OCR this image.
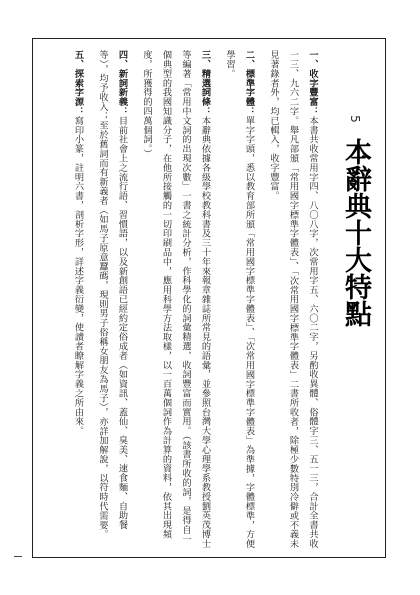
5
本辭典十大特點

一、收字豐富：本書共收常用字四、八〇八字，次常用字五、六〇二字，另酌收異體、俗體字三、五一三，合計全書共收一三、九六二字。舉凡部頒「常用國字標準字體表」、「次常用國字標準字體表」二書所收者，除極少數特別冷僻或不義未見著錄者外，均已輯入，收字豐富。

二、標準字體：單字字頭，悉以教育部所頒「常用國字標準字體表」、「次常用國字標準字體表」為準據，字體標準，方便學習。

三、精選詞條：本辭典依據各級學校教科書及三十年來報章雜誌所常見的語彙，並參照台灣大學心理學系教授劉英茂博士等編著「常用中文詞的出現次數」一書之統計分析，作科學化的詞彙精選，收詞豐富而實用。（該書所收的詞，是得自一個典型的我國知識分子，在他所接觸的一切印刷品中，應用科學方法取樣，以一百萬個詞作為計算的資料，依其出現頻度，所獲得的四萬個詞。）

四、新詞新義：目前社會上之流行語、習慣語，以及新創語已經約定俗成者（如資訊、蓋仙、臭美、速食麵、自助餐等），均予收入；至於舊詞而有新義者（如馬子原意蠶碼，現則男子俗稱女朋友為馬子），亦詳加解說，以符時代需要。

五、探索字源：寫印小篆，註明六書，剖析字形，詳述字義衍變，使讀者瞭解字義之所由來。
